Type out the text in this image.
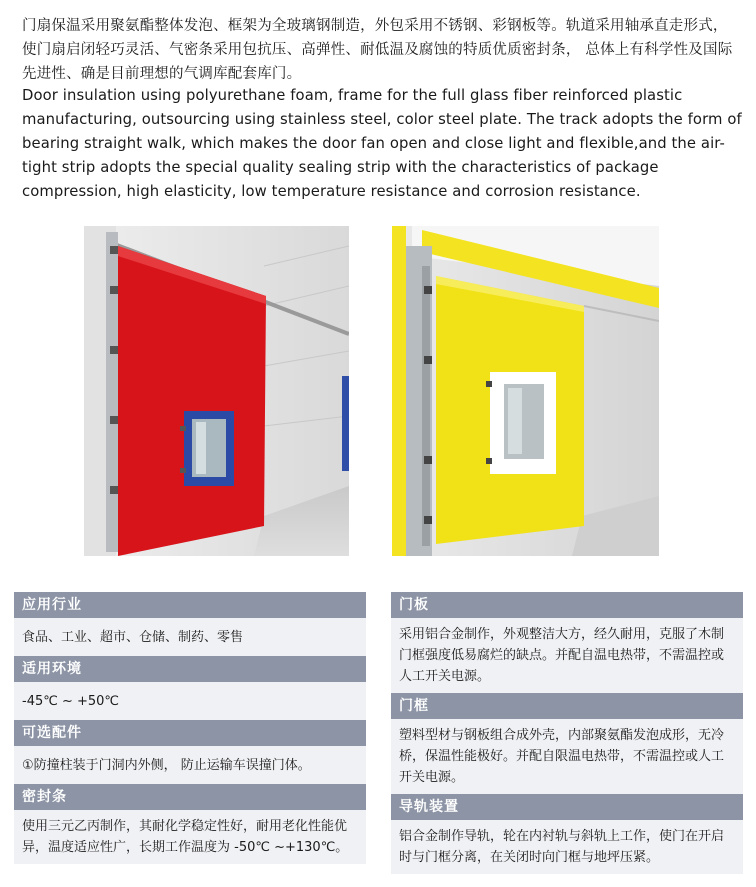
门扇保温采用聚氨酯整体发泡、框架为全玻璃钢制造，外包采用不锈钢、彩钢板等。轨道采用轴承直走形式，使门扇启闭轻巧灵活、气密条采用包抗压、高弹性、耐低温及腐蚀的特质优质密封条， 总体上有科学性及国际先进性、确是目前理想的气调库配套库门。

Door insulation using polyurethane foam, frame for the full glass fiber reinforced plastic manufacturing, outsourcing using stainless steel, color steel plate. The track adopts the form of bearing straight walk, which makes the door fan open and close light and flexible,and the air-tight strip adopts the special quality sealing strip with the characteristics of package compression, high elasticity, low temperature resistance and corrosion resistance.

应用行业
食品、工业、超市、仓储、制药、零售
适用环境
-45℃ ~ +50℃
可选配件
①防撞柱装于门洞内外侧， 防止运输车误撞门体。
密封条
使用三元乙丙制作，其耐化学稳定性好，耐用老化性能优异，温度适应性广，长期工作温度为 -50℃ ~+130℃。
门板
采用铝合金制作，外观整洁大方，经久耐用，克服了木制门框强度低易腐烂的缺点。并配自温电热带，不需温控或人工开关电源。
门框
塑料型材与钢板组合成外壳，内部聚氨酯发泡成形，无冷桥，保温性能极好。并配自限温电热带，不需温控或人工开关电源。
导轨装置
铝合金制作导轨，轮在内衬轨与斜轨上工作，使门在开启时与门框分离，在关闭时向门框与地坪压紧。
